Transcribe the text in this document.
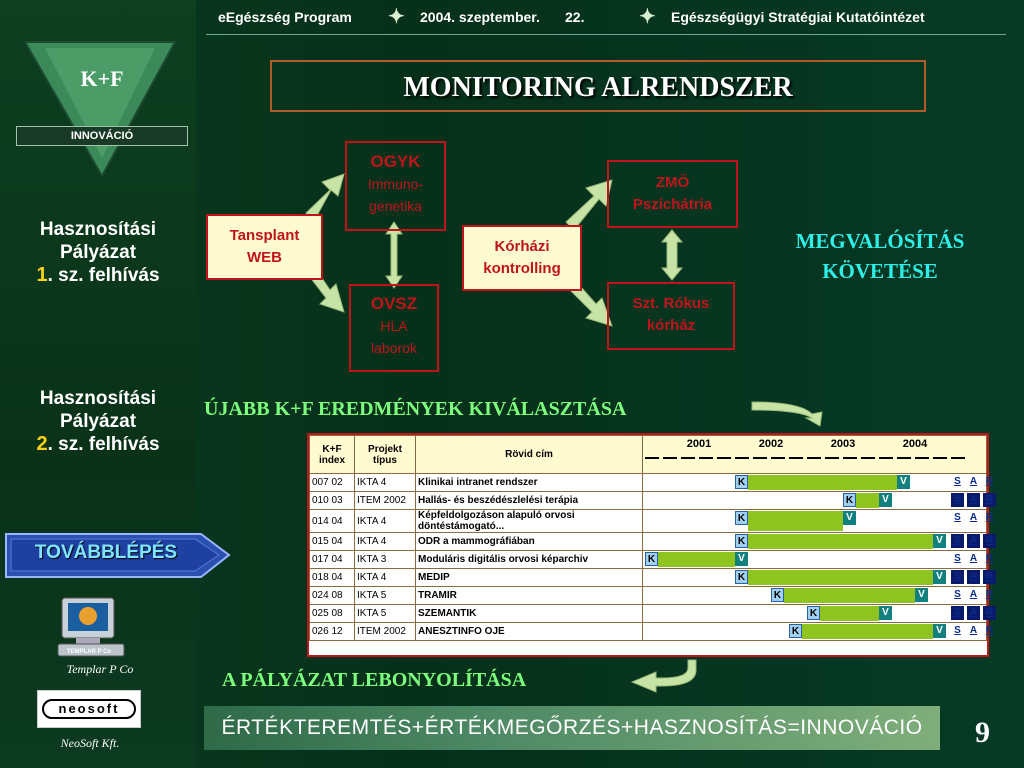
K+F
INNOVÁCIÓ
Hasznosítási
Pályázat
1. sz. felhívás
Hasznosítási
Pályázat
2. sz. felhívás
TOVÁBBLÉPÉS
TEMPLAR P Co
Templar P Co
neosoft
NeoSoft Kft.
eEgészség Program ✦ 2004. szeptember. 22.	✦ Egészségügyi Stratégiai Kutatóintézet
MONITORING ALRENDSZER
Tansplant
WEB
OGYK
Immuno-
genetika
OVSZ
HLA
laborok
Kórházi
kontrolling
ZMÖ
Pszichátria
Szt. Rókus
kórház
MEGVALÓSÍTÁS
KÖVETÉSE
ÚJABB K+F EREDMÉNYEK KIVÁLASZTÁSA
K+F index	Projekt típus	Rövid cím	2001 2002 2003 2004

007 02	IKTA 4	Klinikai intranet rendszer	K V S A R

010 03	ITEM 2002	Hallás- és beszédészlelési terápia	K V S A R

014 04	IKTA 4	Képfeldolgozáson alapuló orvosi döntéstámogató...	K V S A R

015 04	IKTA 4	ODR a mammográfiában	K V S A R

017 04	IKTA 3	Moduláris digitális orvosi képarchiv	K V S A R

018 04	IKTA 4	MEDIP	K V S A R

024 08	IKTA 5	TRAMIR	K V S A R

025 08	IKTA 5	SZEMANTIK	K V S A R

026 12	ITEM 2002	ANESZTINFO OJE	K V S A R
A PÁLYÁZAT LEBONYOLÍTÁSA
ÉRTÉKTEREMTÉS+ÉRTÉKMEGŐRZÉS+HASZNOSÍTÁS=INNOVÁCIÓ	9
